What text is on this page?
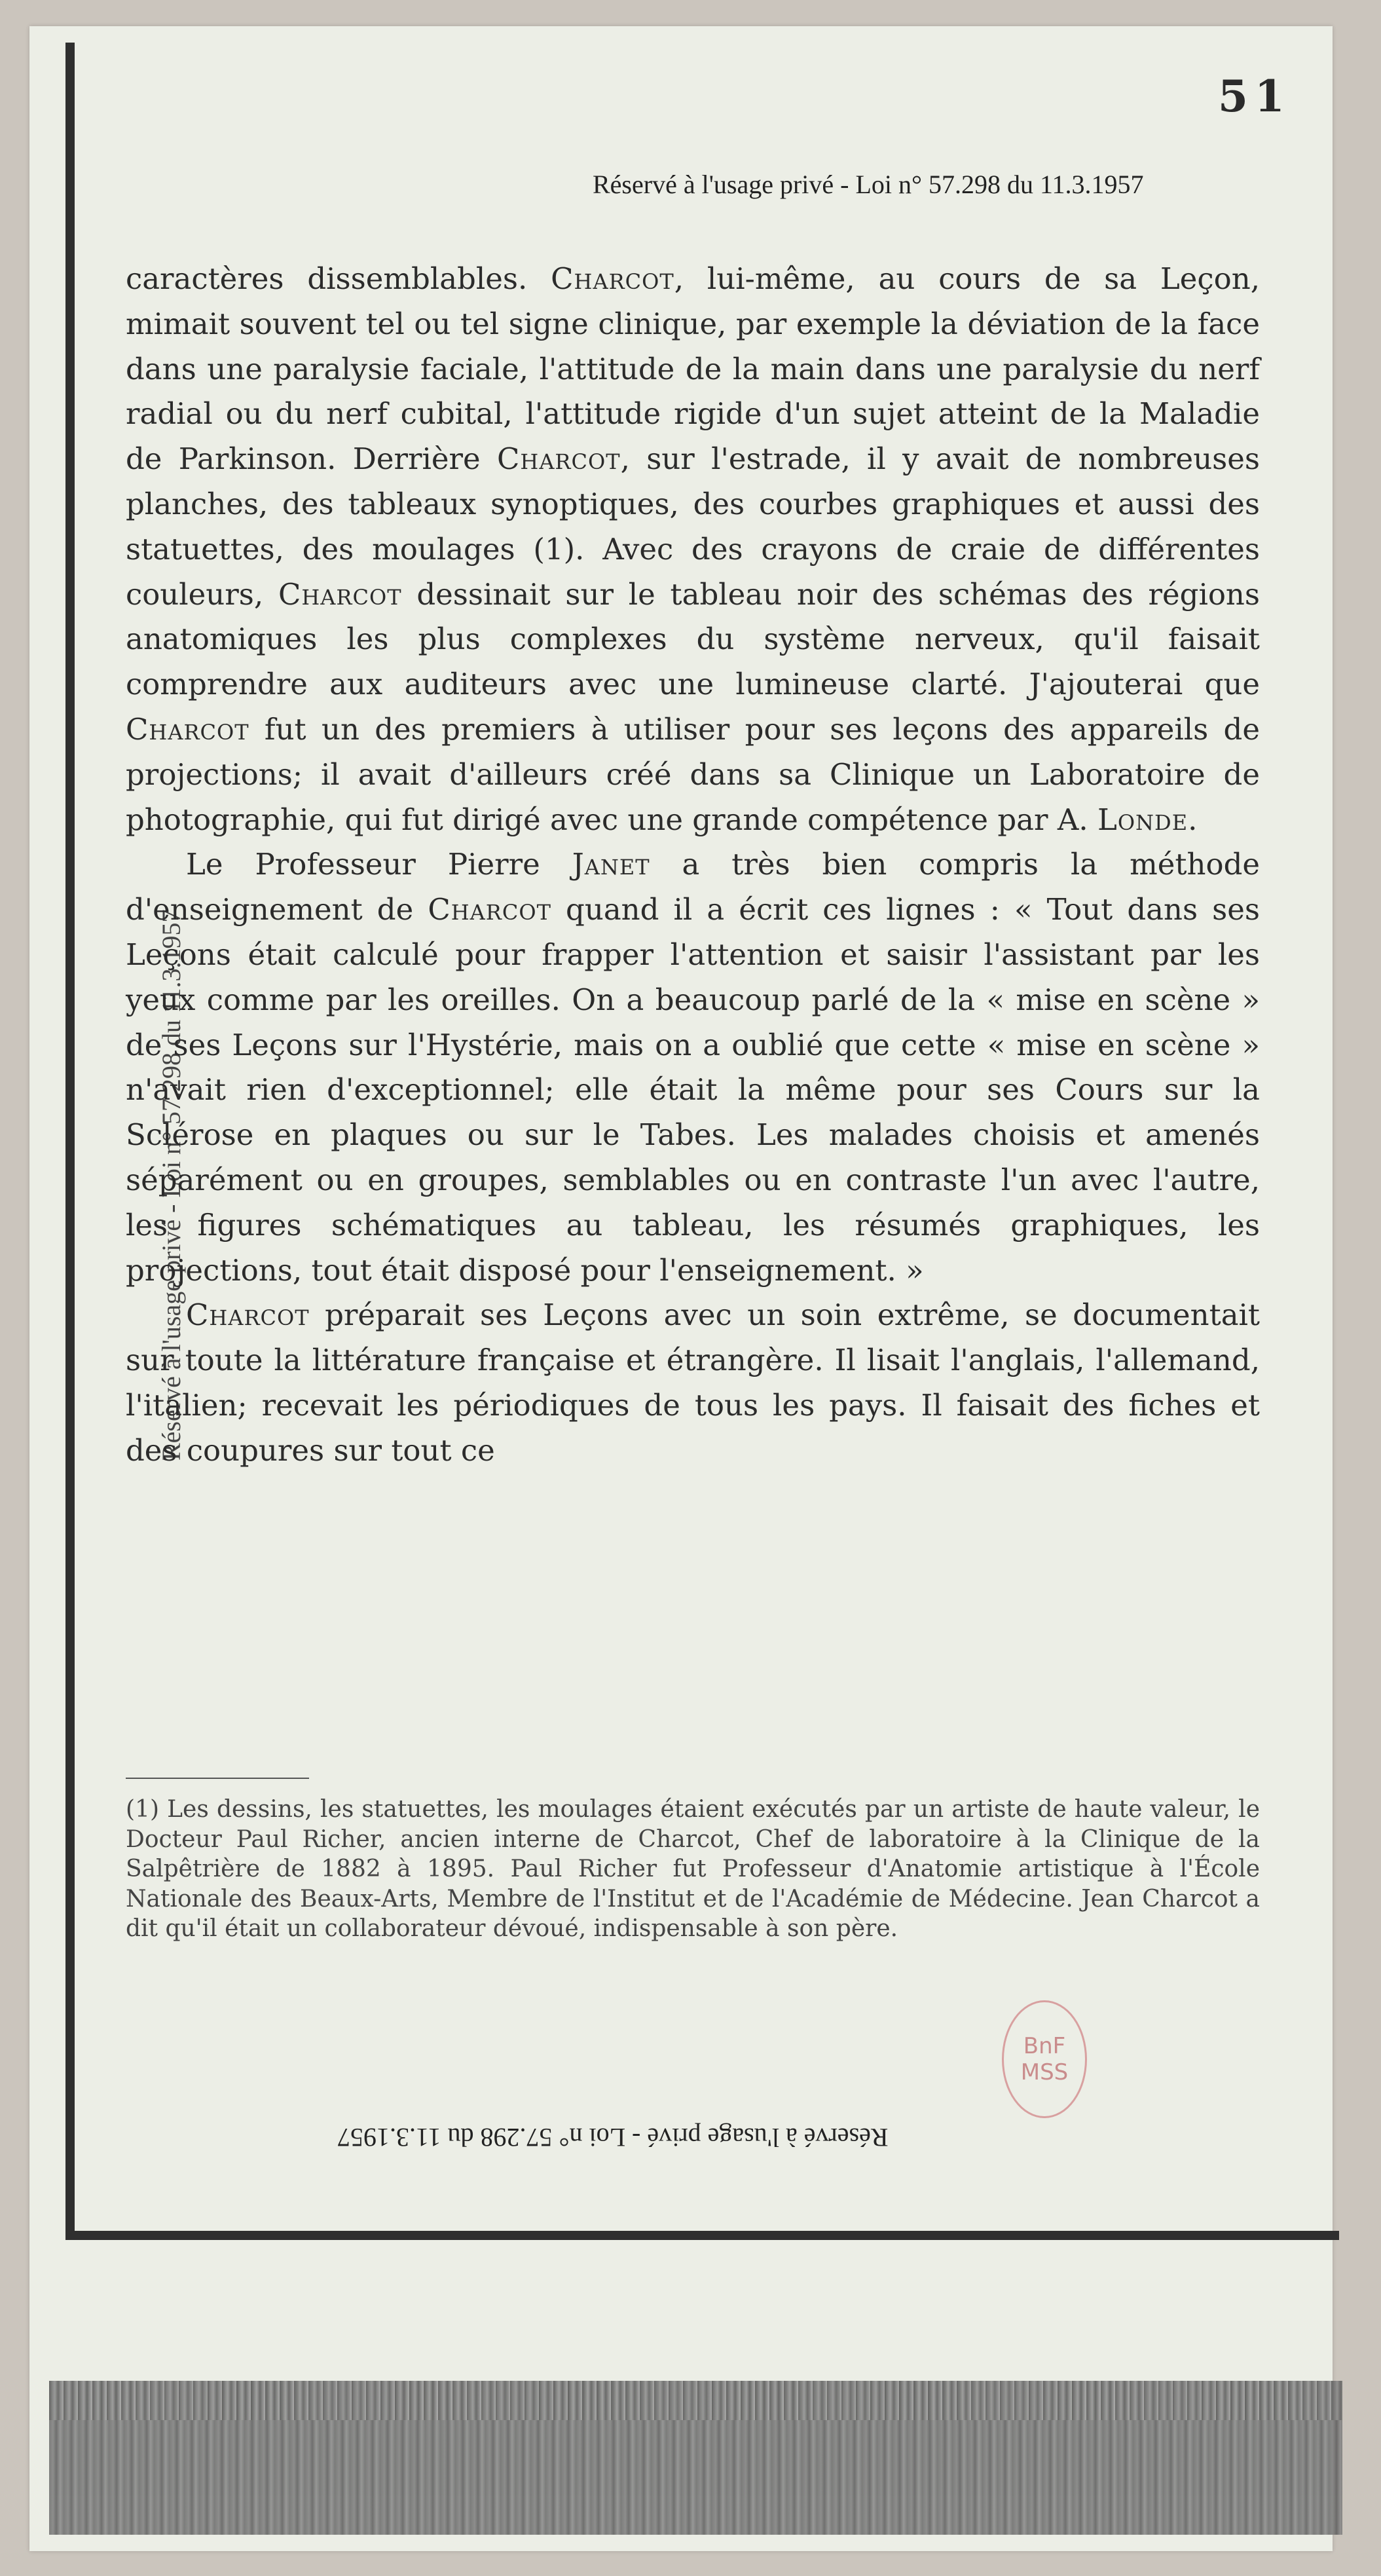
51
Réservé à l'usage privé - Loi n° 57.298 du 11.3.1957
Réservé à l'usage privé - Loi n° 57.298 du 11.3.1957

caractères dissemblables. Charcot, lui-même, au cours de sa Leçon, mimait souvent tel ou tel signe clinique, par exemple la déviation de la face dans une paralysie faciale, l'attitude de la main dans une paralysie du nerf radial ou du nerf cubital, l'attitude rigide d'un sujet atteint de la Maladie de Parkinson. Derrière Charcot, sur l'estrade, il y avait de nombreuses planches, des tableaux synoptiques, des courbes graphiques et aussi des statuettes, des moulages (1). Avec des crayons de craie de différentes couleurs, Charcot dessinait sur le tableau noir des schémas des régions anatomiques les plus complexes du système nerveux, qu'il faisait comprendre aux auditeurs avec une lumineuse clarté. J'ajouterai que Charcot fut un des premiers à utiliser pour ses leçons des appareils de projections; il avait d'ailleurs créé dans sa Clinique un Laboratoire de photographie, qui fut dirigé avec une grande compétence par A. Londe.

Le Professeur Pierre Janet a très bien compris la méthode d'enseignement de Charcot quand il a écrit ces lignes : « Tout dans ses Leçons était calculé pour frapper l'attention et saisir l'assistant par les yeux comme par les oreilles. On a beaucoup parlé de la « mise en scène » de ses Leçons sur l'Hystérie, mais on a oublié que cette « mise en scène » n'avait rien d'exceptionnel; elle était la même pour ses Cours sur la Sclérose en plaques ou sur le Tabes. Les malades choisis et amenés séparément ou en groupes, semblables ou en contraste l'un avec l'autre, les figures schématiques au tableau, les résumés graphiques, les projections, tout était disposé pour l'enseignement. »

Charcot préparait ses Leçons avec un soin extrême, se documentait sur toute la littérature française et étrangère. Il lisait l'anglais, l'allemand, l'italien; recevait les périodiques de tous les pays. Il faisait des fiches et des coupures sur tout ce

(1) Les dessins, les statuettes, les moulages étaient exécutés par un artiste de haute valeur, le Docteur Paul Richer, ancien interne de Charcot, Chef de laboratoire à la Clinique de la Salpêtrière de 1882 à 1895. Paul Richer fut Professeur d'Anatomie artistique à l'École Nationale des Beaux-Arts, Membre de l'Institut et de l'Académie de Médecine. Jean Charcot a dit qu'il était un collaborateur dévoué, indispensable à son père.

BnF
MSS
Réservé à l'usage privé - Loi n° 57.298 du 11.3.1957
